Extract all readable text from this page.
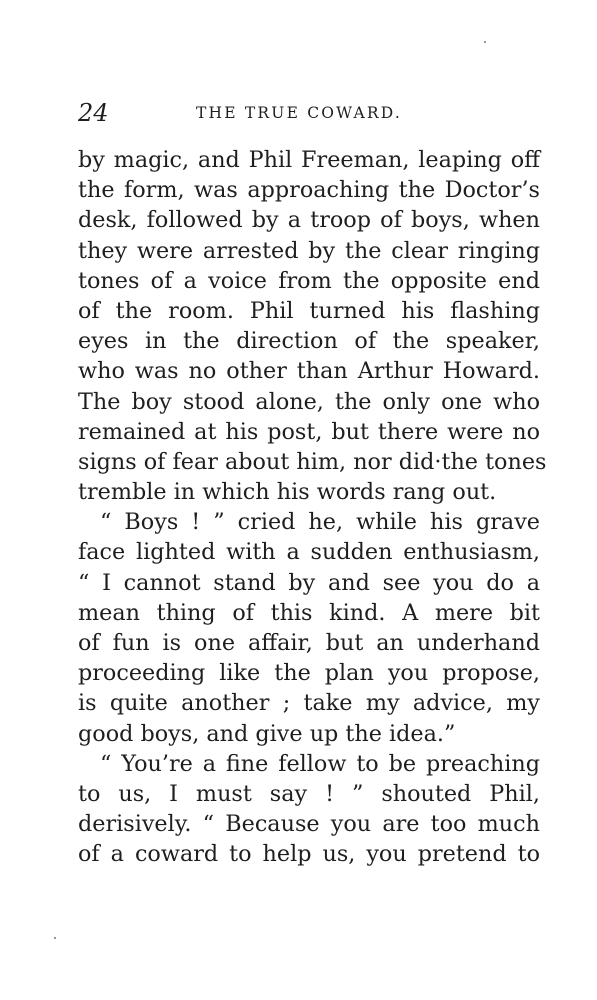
24	THE TRUE COWARD.
by magic, and Phil Freeman, leaping off
the form, was approaching the Doctor’s
desk, followed by a troop of boys, when
they were arrested by the clear ringing
tones of a voice from the opposite end
of the room. Phil turned his flashing
eyes in the direction of the speaker,
who was no other than Arthur Howard.
The boy stood alone, the only one who
remained at his post, but there were no
signs of fear about him, nor did·the tones
tremble in which his words rang out.
“ Boys ! ” cried he, while his grave
face lighted with a sudden enthusiasm,
“ I cannot stand by and see you do a
mean thing of this kind. A mere bit
of fun is one affair, but an underhand
proceeding like the plan you propose,
is quite another ; take my advice, my
good boys, and give up the idea.”
“ You’re a fine fellow to be preaching
to us, I must say ! ” shouted Phil,
derisively. “ Because you are too much
of a coward to help us, you pretend to
